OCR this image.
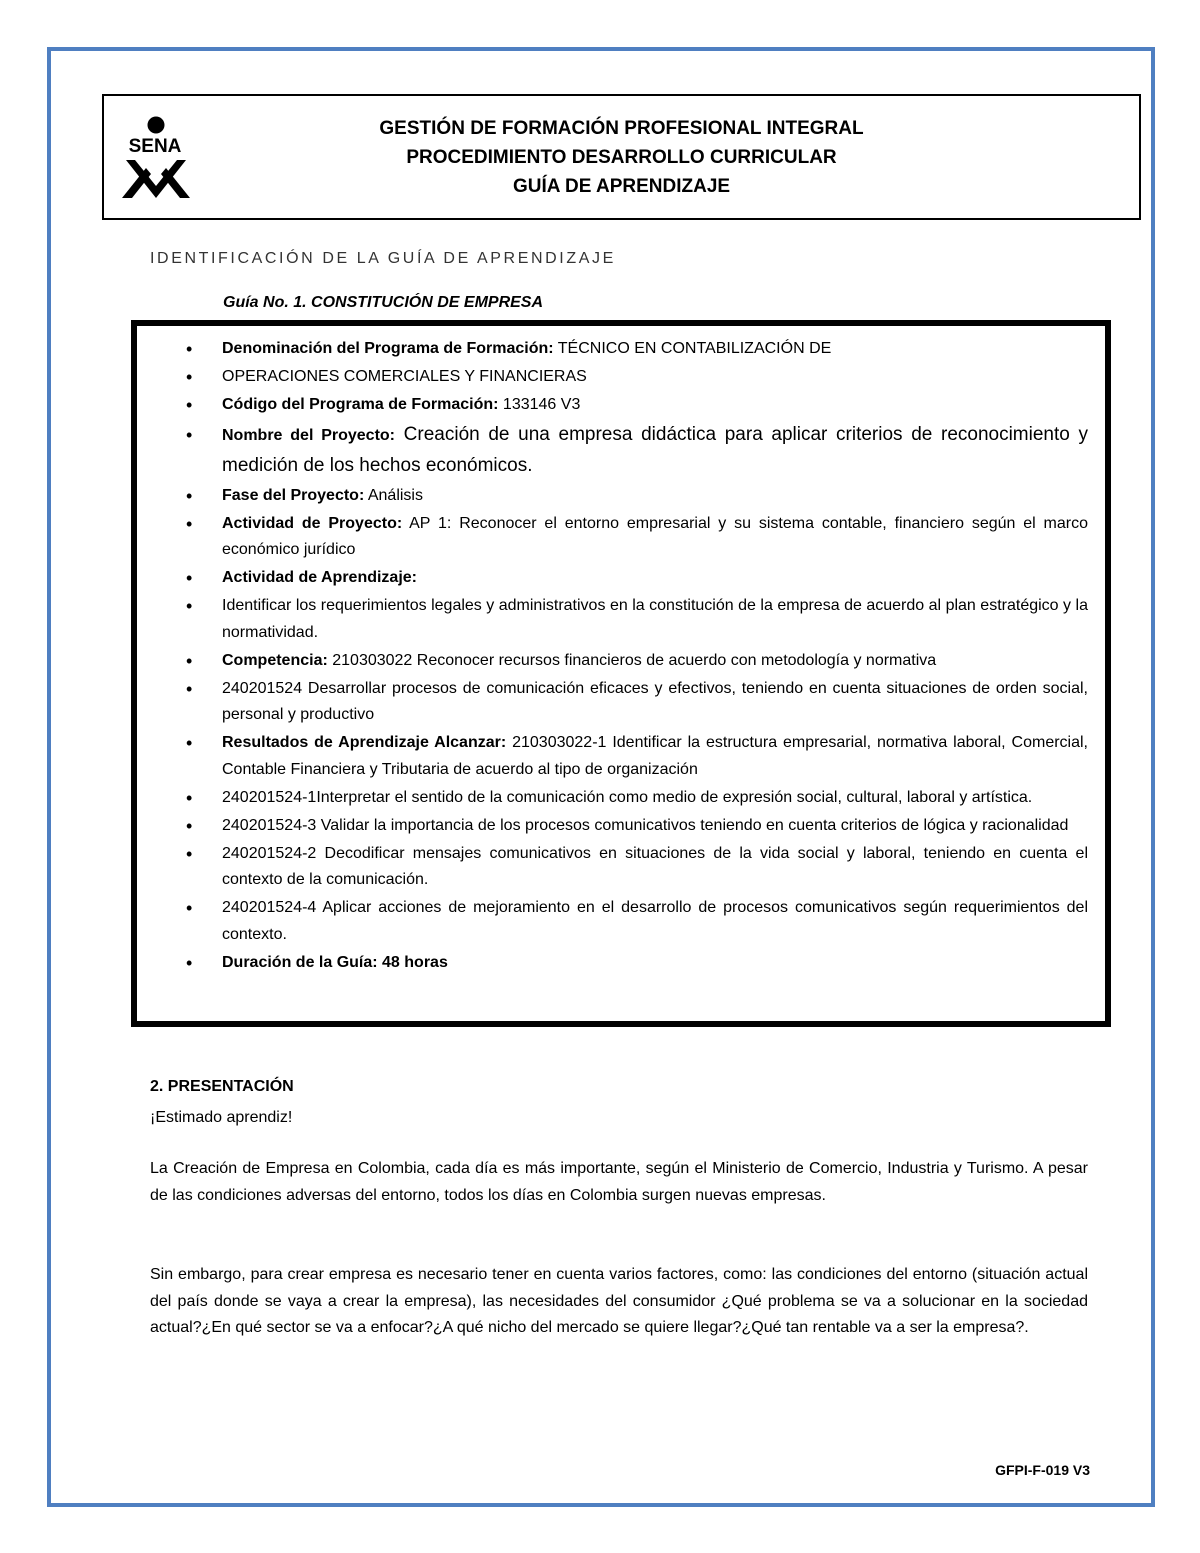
SENA
GESTIÓN DE FORMACIÓN PROFESIONAL INTEGRAL
PROCEDIMIENTO DESARROLLO CURRICULAR
GUÍA DE APRENDIZAJE
IDENTIFICACIÓN DE LA GUÍA DE APRENDIZAJE
Guía No. 1. CONSTITUCIÓN DE EMPRESA
• Denominación del Programa de Formación: TÉCNICO EN CONTABILIZACIÓN DE
• OPERACIONES COMERCIALES Y FINANCIERAS
• Código del Programa de Formación: 133146 V3
• Nombre del Proyecto: Creación de una empresa didáctica para aplicar criterios de reconocimiento y medición de los hechos económicos.
• Fase del Proyecto: Análisis
• Actividad de Proyecto: AP 1: Reconocer el entorno empresarial y su sistema contable, financiero según el marco económico jurídico
• Actividad de Aprendizaje:
• Identificar los requerimientos legales y administrativos en la constitución de la empresa de acuerdo al plan estratégico y la normatividad.
• Competencia: 210303022 Reconocer recursos financieros de acuerdo con metodología y normativa
• 240201524 Desarrollar procesos de comunicación eficaces y efectivos, teniendo en cuenta situaciones de orden social, personal y productivo
• Resultados de Aprendizaje Alcanzar: 210303022-1 Identificar la estructura empresarial, normativa laboral, Comercial, Contable Financiera y Tributaria de acuerdo al tipo de organización
• 240201524-1Interpretar el sentido de la comunicación como medio de expresión social, cultural, laboral y artística.
• 240201524-3 Validar la importancia de los procesos comunicativos teniendo en cuenta criterios de lógica y racionalidad
• 240201524-2 Decodificar mensajes comunicativos en situaciones de la vida social y laboral, teniendo en cuenta el contexto de la comunicación.
• 240201524-4 Aplicar acciones de mejoramiento en el desarrollo de procesos comunicativos según requerimientos del contexto.
• Duración de la Guía: 48 horas
2. PRESENTACIÓN
¡Estimado aprendiz!
La Creación de Empresa en Colombia, cada día es más importante, según el Ministerio de Comercio, Industria y Turismo. A pesar de las condiciones adversas del entorno, todos los días en Colombia surgen nuevas empresas.
Sin embargo, para crear empresa es necesario tener en cuenta varios factores, como: las condiciones del entorno (situación actual del país donde se vaya a crear la empresa), las necesidades del consumidor ¿Qué problema se va a solucionar en la sociedad actual?¿En qué sector se va a enfocar?¿A qué nicho del mercado se quiere llegar?¿Qué tan rentable va a ser la empresa?.
GFPI-F-019 V3
